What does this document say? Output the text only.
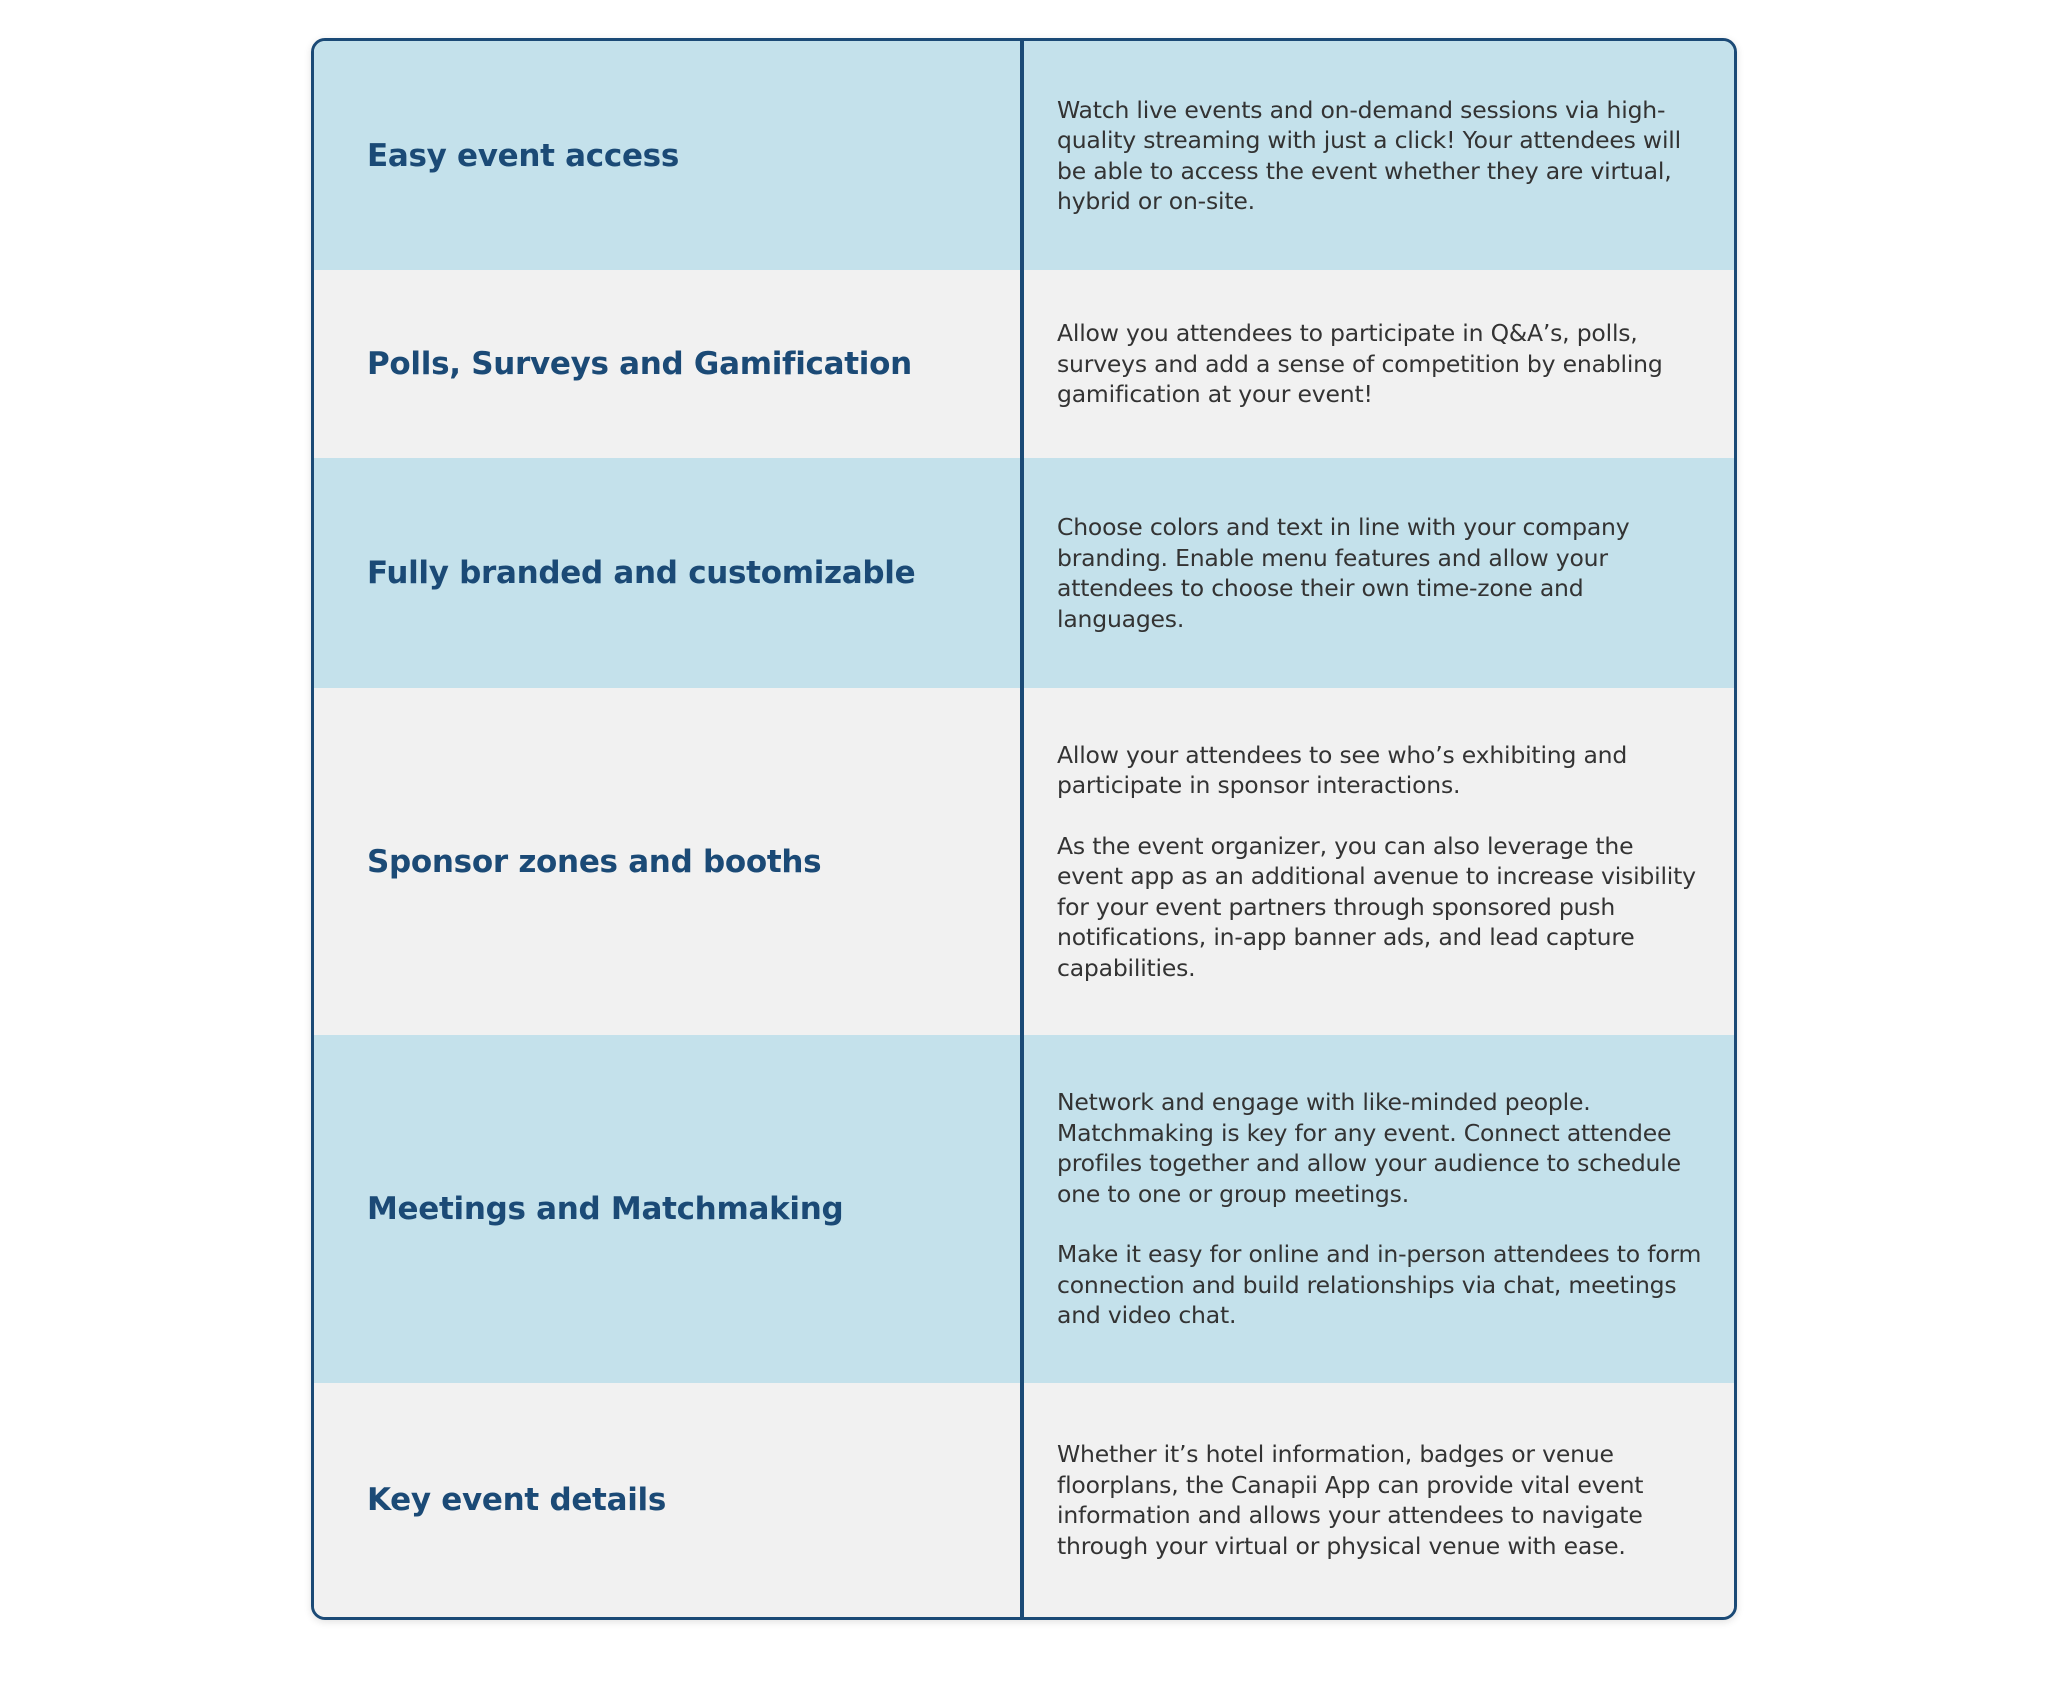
Easy event access

Watch live events and on-demand sessions via high-quality streaming with just a click! Your attendees will be able to access the event whether they are virtual, hybrid or on-site.

Polls, Surveys and Gamification

Allow you attendees to participate in Q&A’s, polls, surveys and add a sense of competition by enabling gamification at your event!

Fully branded and customizable

Choose colors and text in line with your company branding. Enable menu features and allow your attendees to choose their own time-zone and languages.

Sponsor zones and booths

Allow your attendees to see who’s exhibiting and participate in sponsor interactions.

As the event organizer, you can also leverage the event app as an additional avenue to increase visibility for your event partners through sponsored push notifications, in-app banner ads, and lead capture capabilities.

Meetings and Matchmaking

Network and engage with like-minded people. Matchmaking is key for any event. Connect attendee profiles together and allow your audience to schedule one to one or group meetings.

Make it easy for online and in-person attendees to form connection and build relationships via chat, meetings and video chat.

Key event details

Whether it’s hotel information, badges or venue floorplans, the Canapii App can provide vital event information and allows your attendees to navigate through your virtual or physical venue with ease.
